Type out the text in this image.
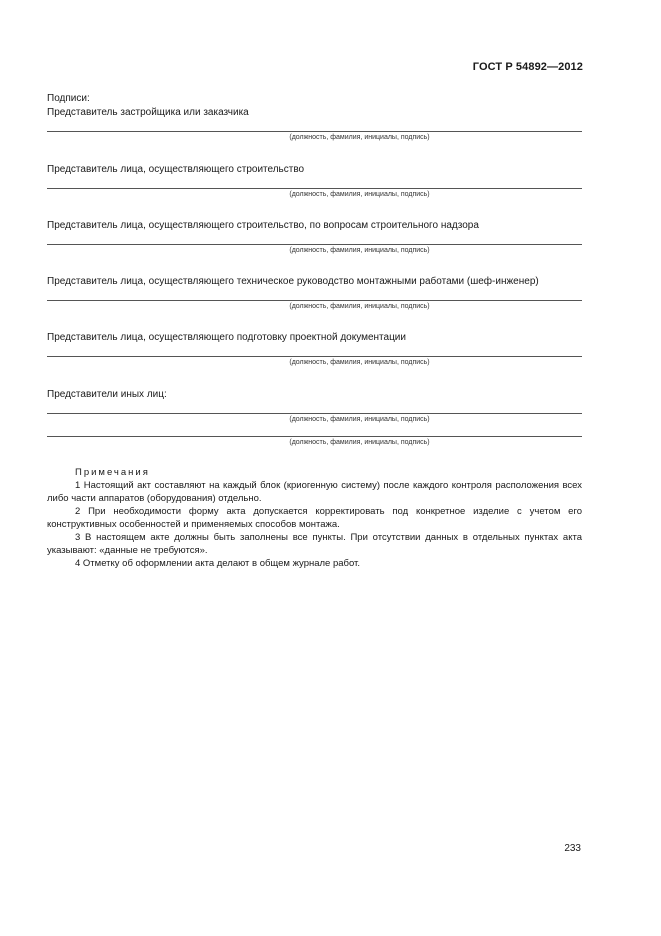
ГОСТ Р 54892—2012
Подписи:
Представитель застройщика или заказчика
(должность, фамилия, инициалы, подпись)
Представитель лица, осуществляющего строительство
(должность, фамилия, инициалы, подпись)
Представитель лица, осуществляющего строительство, по вопросам строительного надзора
(должность, фамилия, инициалы, подпись)
Представитель лица, осуществляющего техническое руководство монтажными работами (шеф-инженер)
(должность, фамилия, инициалы, подпись)
Представитель лица, осуществляющего подготовку проектной документации
(должность, фамилия, инициалы, подпись)
Представители иных лиц:
(должность, фамилия, инициалы, подпись)
(должность, фамилия, инициалы, подпись)
Примечания
1 Настоящий акт составляют на каждый блок (криогенную систему) после каждого контроля расположения всех либо части аппаратов (оборудования) отдельно.
2 При необходимости форму акта допускается корректировать под конкретное изделие с учетом его конструктивных особенностей и применяемых способов монтажа.
3 В настоящем акте должны быть заполнены все пункты. При отсутствии данных в отдельных пунктах акта указывают: «данные не требуются».
4 Отметку об оформлении акта делают в общем журнале работ.
233
